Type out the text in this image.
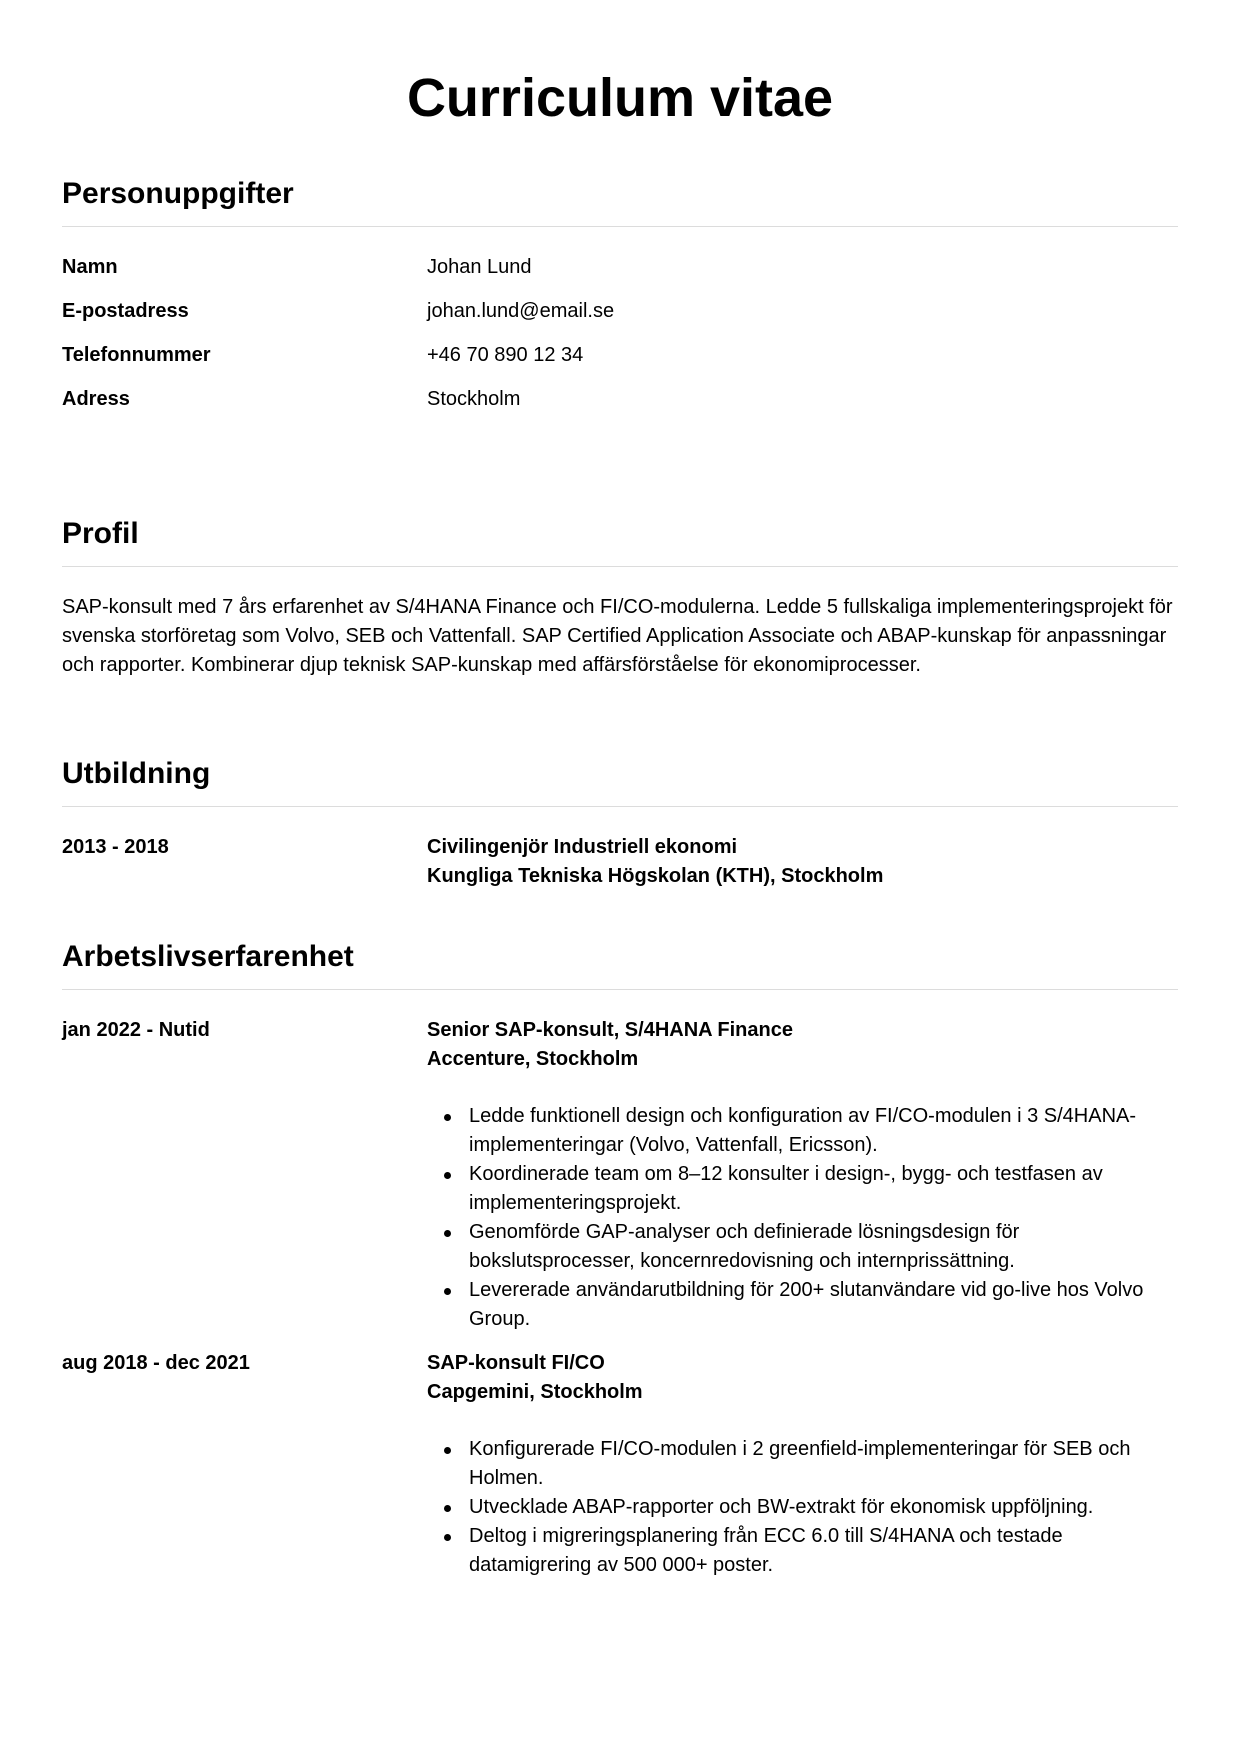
Curriculum vitae
Personuppgifter
Namn	Johan Lund
E-postadress	johan.lund@email.se
Telefonnummer	+46 70 890 12 34
Adress	Stockholm
Profil

SAP-konsult med 7 års erfarenhet av S/4HANA Finance och FI/CO-modulerna. Ledde 5 fullskaliga implementeringsprojekt för svenska storföretag som Volvo, SEB och Vattenfall. SAP Certified Application Associate och ABAP-kunskap för anpassningar och rapporter. Kombinerar djup teknisk SAP-kunskap med affärsförståelse för ekonomiprocesser.

Utbildning
2013 - 2018	Civilingenjör Industriell ekonomi
Kungliga Tekniska Högskolan (KTH), Stockholm
Arbetslivserfarenhet
jan 2022 - Nutid	Senior SAP-konsult, S/4HANA Finance
Accenture, Stockholm
Ledde funktionell design och konfiguration av FI/CO-modulen i 3 S/4HANA-implementeringar (Volvo, Vattenfall, Ericsson).
Koordinerade team om 8–12 konsulter i design-, bygg- och testfasen av implementeringsprojekt.
Genomförde GAP-analyser och definierade lösningsdesign för bokslutsprocesser, koncernredovisning och internprissättning.
Levererade användarutbildning för 200+ slutanvändare vid go-live hos Volvo Group.
aug 2018 - dec 2021	SAP-konsult FI/CO
Capgemini, Stockholm
Konfigurerade FI/CO-modulen i 2 greenfield-implementeringar för SEB och Holmen.
Utvecklade ABAP-rapporter och BW-extrakt för ekonomisk uppföljning.
Deltog i migreringsplanering från ECC 6.0 till S/4HANA och testade datamigrering av 500 000+ poster.
